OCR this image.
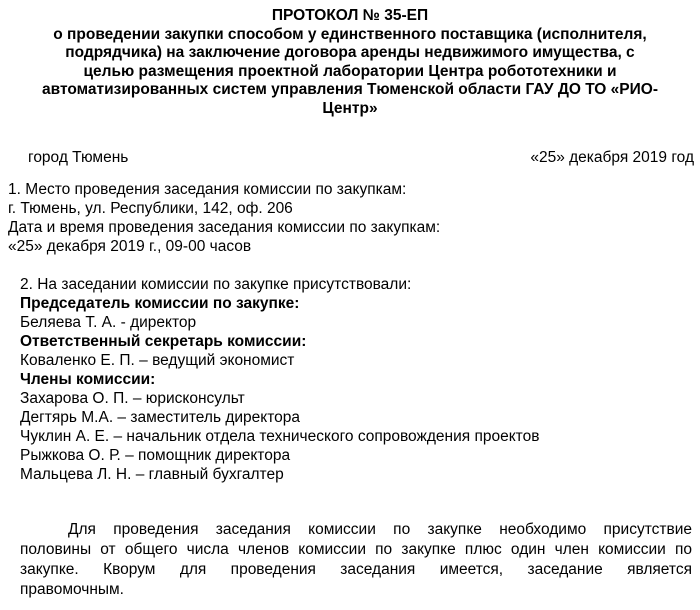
ПРОТОКОЛ № 35-ЕП
о проведении закупки способом у единственного поставщика (исполнителя,
подрядчика) на заключение договора аренды недвижимого имущества, с
целью размещения проектной лаборатории Центра робототехники и
автоматизированных систем управления Тюменской области ГАУ ДО ТО «РИО-
Центр»
город Тюмень	«25» декабря 2019 год
1. Место проведения заседания комиссии по закупкам:
г. Тюмень, ул. Республики, 142, оф. 206
Дата и время проведения заседания комиссии по закупкам:
«25» декабря 2019 г., 09-00 часов
2. На заседании комиссии по закупке присутствовали:
Председатель комиссии по закупке:
Беляева Т. А. - директор
Ответственный секретарь комиссии:
Коваленко Е. П. – ведущий экономист
Члены комиссии:
Захарова О. П. – юрисконсульт
Дегтярь М.А. – заместитель директора
Чуклин А. Е. – начальник отдела технического сопровождения проектов
Рыжкова О. Р. – помощник директора
Мальцева Л. Н. – главный бухгалтер
Для проведения заседания комиссии по закупке необходимо присутствие
половины от общего числа членов комиссии по закупке плюс один член комиссии по
закупке. Кворум для проведения заседания имеется, заседание является
правомочным.
